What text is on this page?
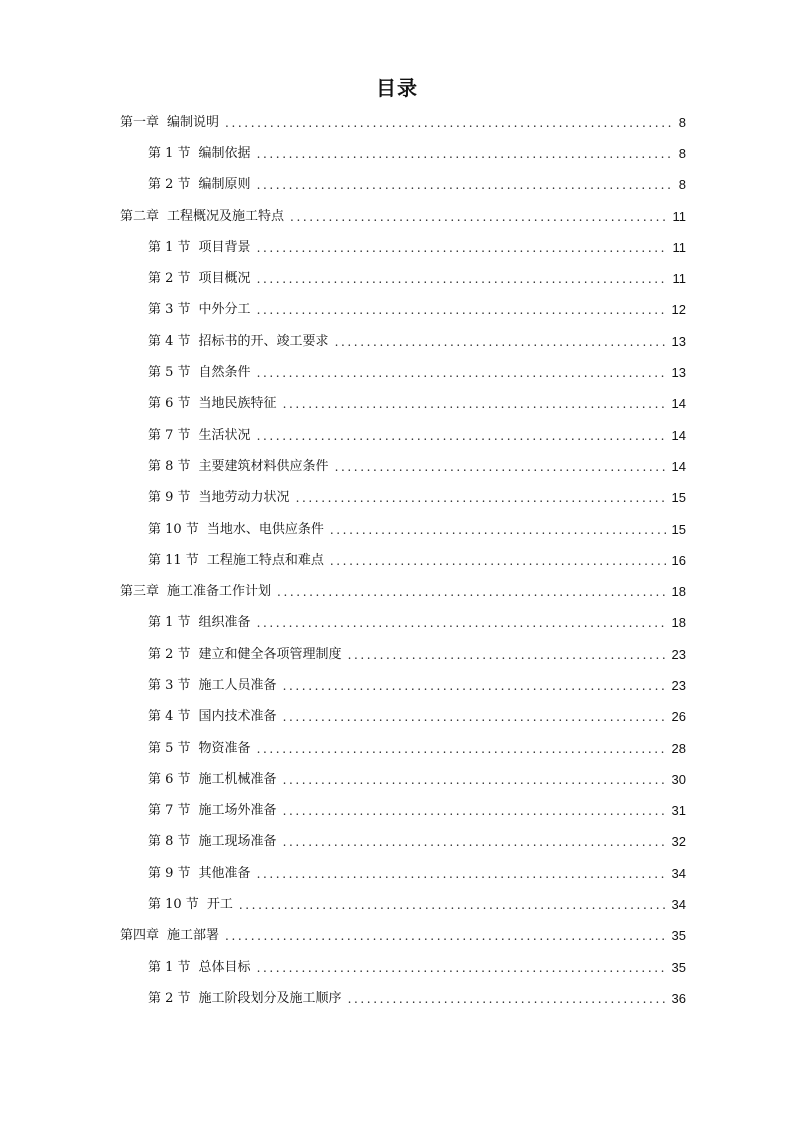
目录
第一章 编制说明 .....	8
第 1 节 编制依据 .....	8
第 2 节 编制原则 .....	8
第二章 工程概况及施工特点 .....	11
第 1 节 项目背景 .....	11
第 2 节 项目概况 .....	11
第 3 节 中外分工 .....	12
第 4 节 招标书的开、竣工要求 .....	13
第 5 节 自然条件 .....	13
第 6 节 当地民族特征 .....	14
第 7 节 生活状况 .....	14
第 8 节 主要建筑材料供应条件 .....	14
第 9 节 当地劳动力状况 .....	15
第 10 节 当地水、电供应条件 .....	15
第 11 节 工程施工特点和难点 .....	16
第三章 施工准备工作计划 .....	18
第 1 节 组织准备 .....	18
第 2 节 建立和健全各项管理制度 .....	23
第 3 节 施工人员准备 .....	23
第 4 节 国内技术准备 .....	26
第 5 节 物资准备 .....	28
第 6 节 施工机械准备 .....	30
第 7 节 施工场外准备 .....	31
第 8 节 施工现场准备 .....	32
第 9 节 其他准备 .....	34
第 10 节 开工 .....	34
第四章 施工部署 .....	35
第 1 节 总体目标 .....	35
第 2 节 施工阶段划分及施工顺序 .....	36
